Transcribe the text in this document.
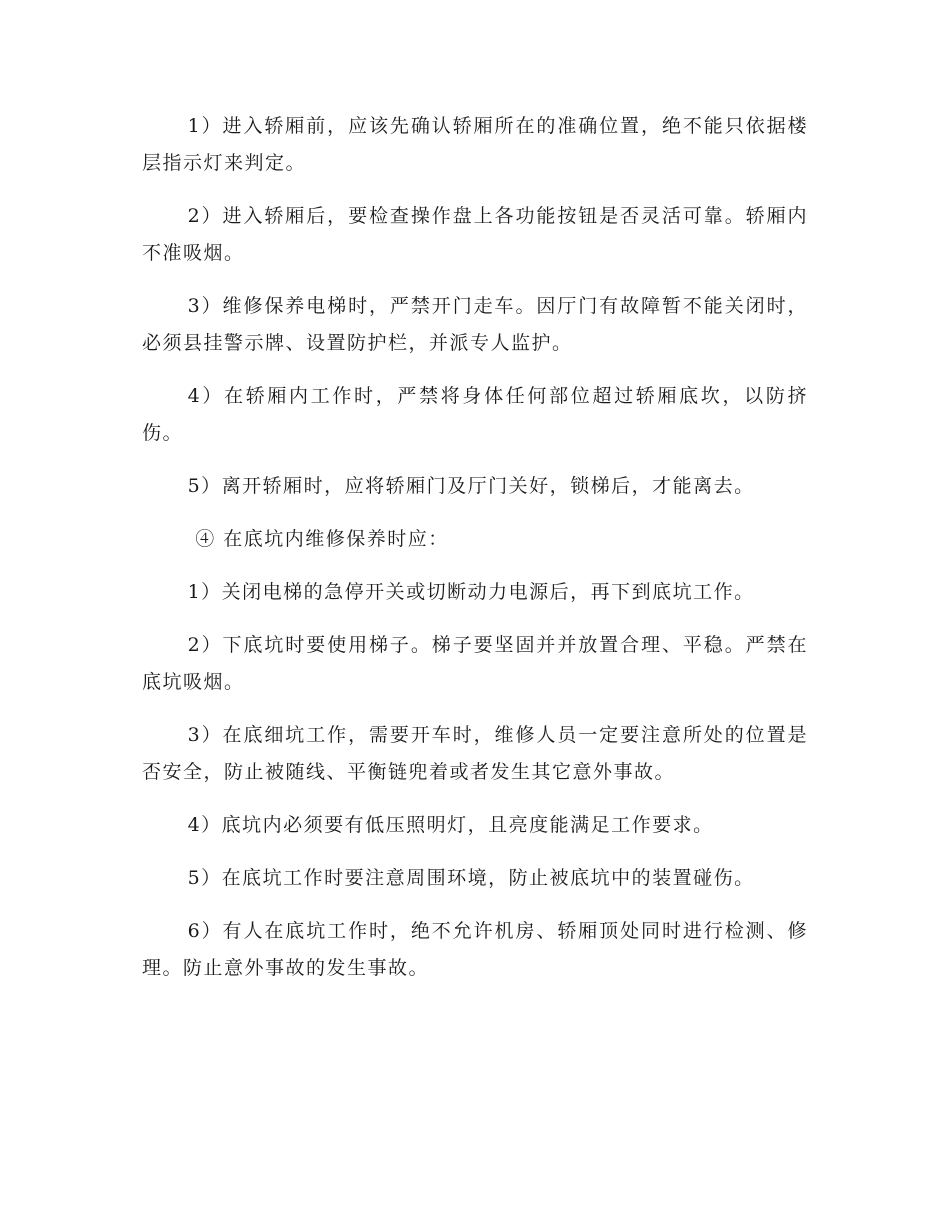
1）进入轿厢前，应该先确认轿厢所在的准确位置，绝不能只依据楼层指示灯来判定。

2）进入轿厢后，要检查操作盘上各功能按钮是否灵活可靠。轿厢内不准吸烟。

3）维修保养电梯时，严禁开门走车。因厅门有故障暂不能关闭时，必须县挂警示牌、设置防护栏，并派专人监护。

4）在轿厢内工作时，严禁将身体任何部位超过轿厢底坎，以防挤伤。

5）离开轿厢时，应将轿厢门及厅门关好，锁梯后，才能离去。

④ 在底坑内维修保养时应：

1）关闭电梯的急停开关或切断动力电源后，再下到底坑工作。

2）下底坑时要使用梯子。梯子要坚固并并放置合理、平稳。严禁在底坑吸烟。

3）在底细坑工作，需要开车时，维修人员一定要注意所处的位置是否安全，防止被随线、平衡链兜着或者发生其它意外事故。

4）底坑内必须要有低压照明灯，且亮度能满足工作要求。

5）在底坑工作时要注意周围环境，防止被底坑中的装置碰伤。

6）有人在底坑工作时，绝不允许机房、轿厢顶处同时进行检测、修理。防止意外事故的发生事故。
